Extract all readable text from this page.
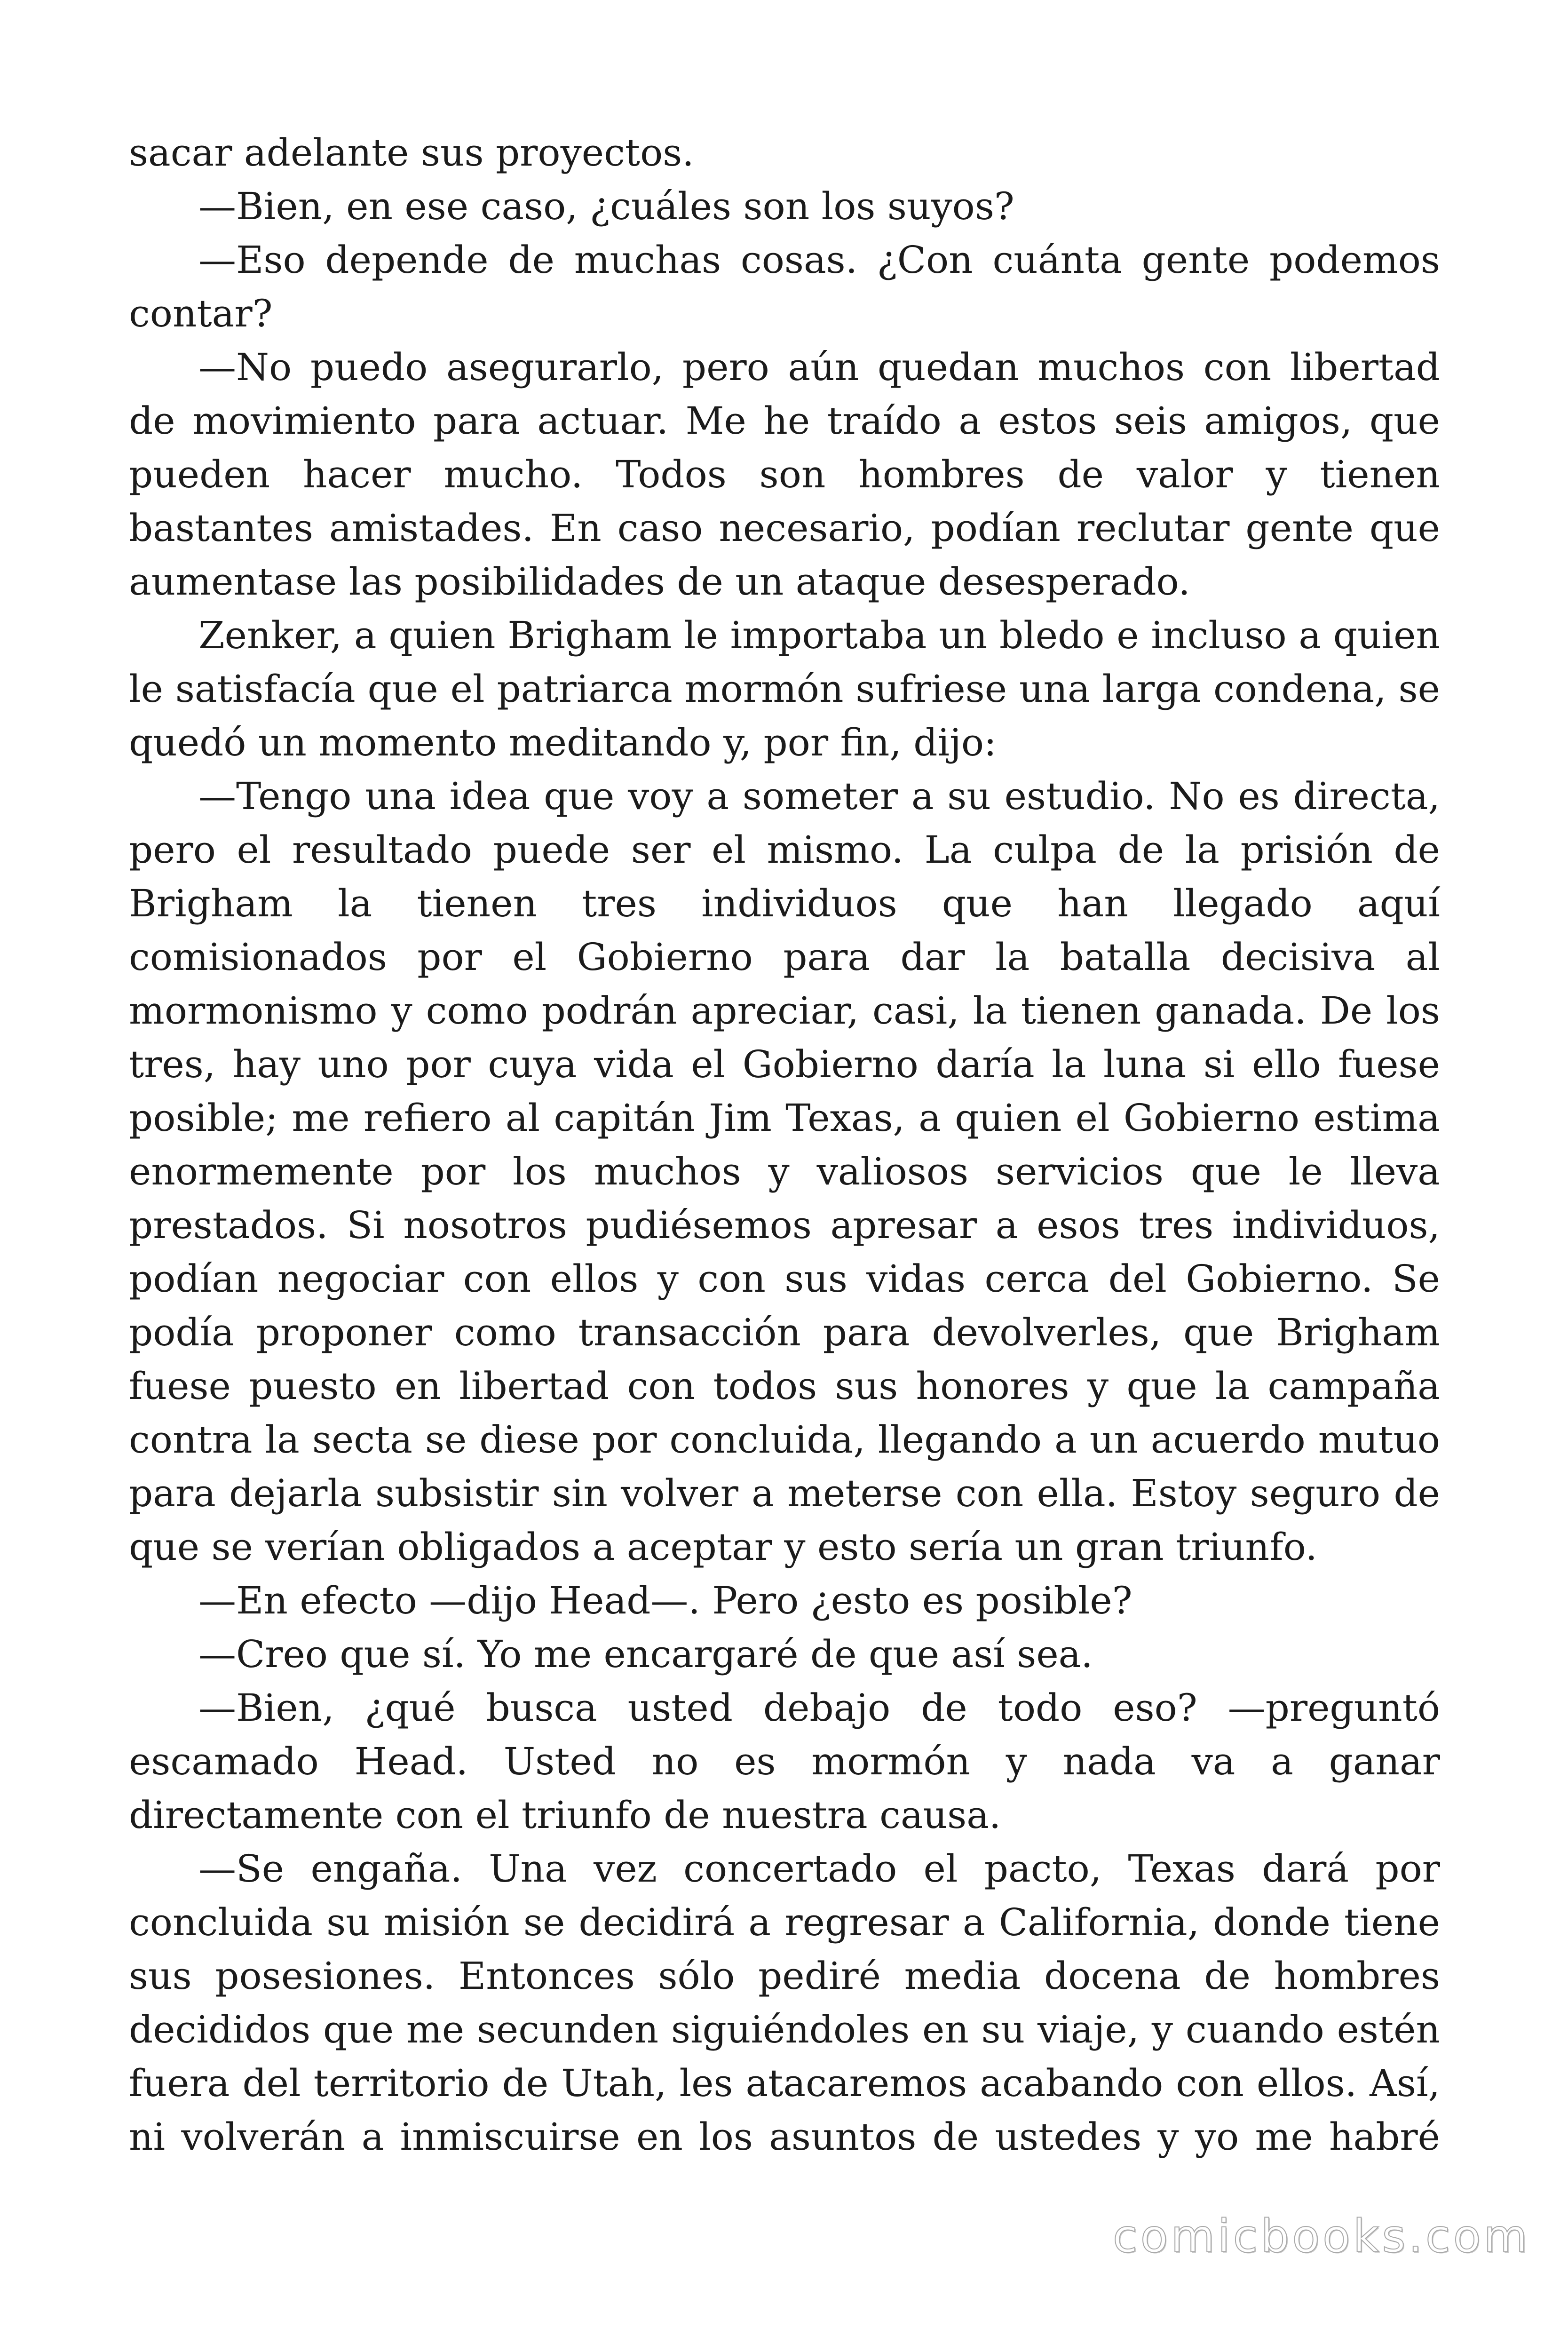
sacar adelante sus proyectos.

—Bien, en ese caso, ¿cuáles son los suyos?

—Eso depende de muchas cosas. ¿Con cuánta gente podemos contar?

—No puedo asegurarlo, pero aún quedan muchos con libertad de movimiento para actuar. Me he traído a estos seis amigos, que pueden hacer mucho. Todos son hombres de valor y tienen bastantes amistades. En caso necesario, podían reclutar gente que aumentase las posibilidades de un ataque desesperado.

Zenker, a quien Brigham le importaba un bledo e incluso a quien le satisfacía que el patriarca mormón sufriese una larga condena, se quedó un momento meditando y, por fin, dijo:

—Tengo una idea que voy a someter a su estudio. No es directa, pero el resultado puede ser el mismo. La culpa de la prisión de Brigham la tienen tres individuos que han llegado aquí comisionados por el Gobierno para dar la batalla decisiva al mormonismo y como podrán apreciar, casi, la tienen ganada. De los tres, hay uno por cuya vida el Gobierno daría la luna si ello fuese posible; me refiero al capitán Jim Texas, a quien el Gobierno estima enormemente por los muchos y valiosos servicios que le lleva prestados. Si nosotros pudiésemos apresar a esos tres individuos, podían negociar con ellos y con sus vidas cerca del Gobierno. Se podía proponer como transacción para devolverles, que Brigham fuese puesto en libertad con todos sus honores y que la campaña contra la secta se diese por concluida, llegando a un acuerdo mutuo para dejarla subsistir sin volver a meterse con ella. Estoy seguro de que se verían obligados a aceptar y esto sería un gran triunfo.

—En efecto —dijo Head—. Pero ¿esto es posible?

—Creo que sí. Yo me encargaré de que así sea.

—Bien, ¿qué busca usted debajo de todo eso? —preguntó escamado Head. Usted no es mormón y nada va a ganar directamente con el triunfo de nuestra causa.

—Se engaña. Una vez concertado el pacto, Texas dará por concluida su misión se decidirá a regresar a California, donde tiene sus posesiones. Entonces sólo pediré media docena de hombres decididos que me secunden siguiéndoles en su viaje, y cuando estén fuera del territorio de Utah, les atacaremos acabando con ellos. Así, ni volverán a inmiscuirse en los asuntos de ustedes y yo me habré

comicbooks.com
